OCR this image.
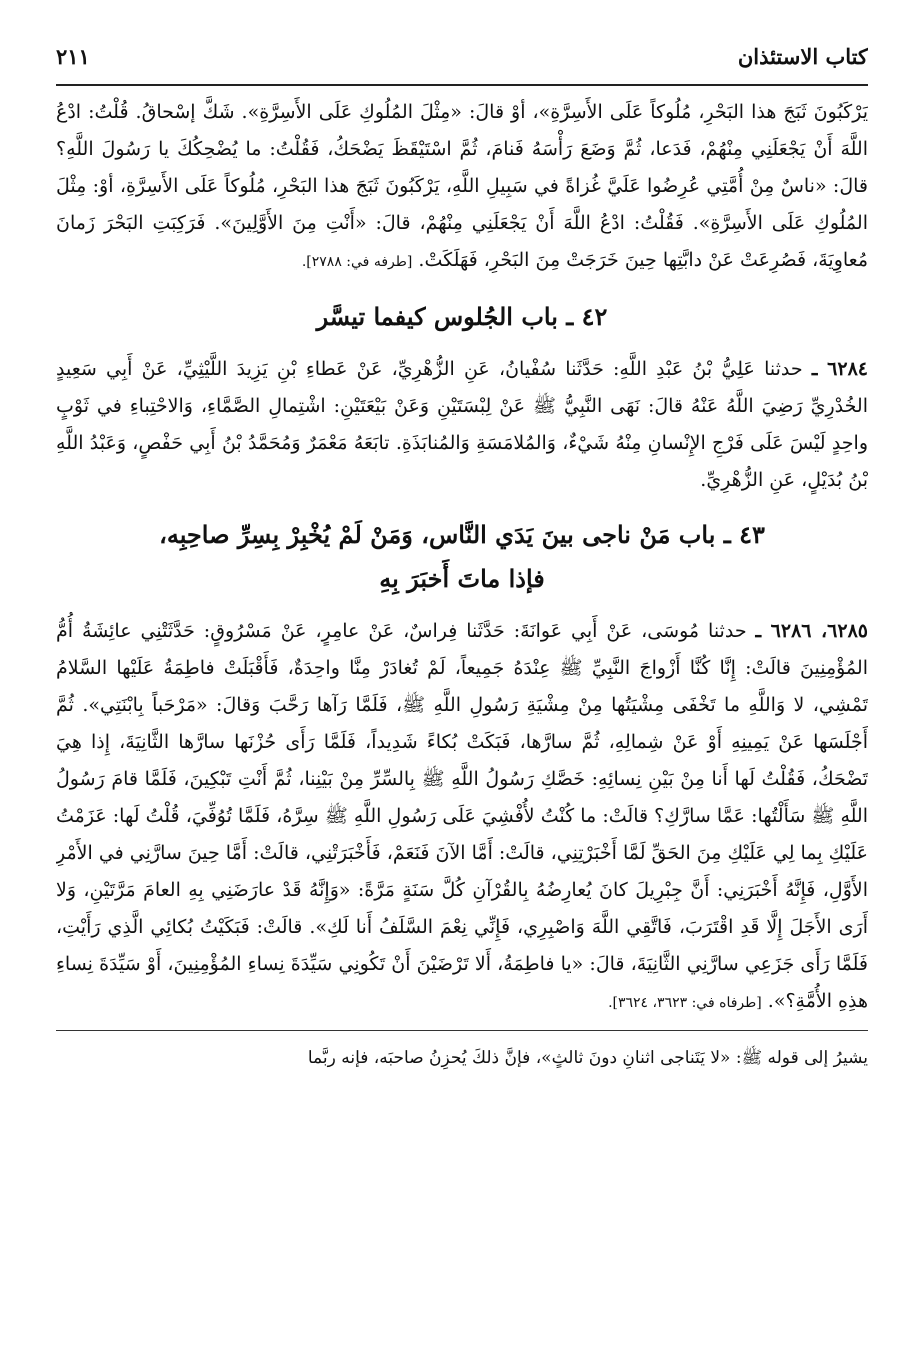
كتاب الاستئذان
٢١١

يَرْكَبُونَ ثَبَجَ هذا البَحْرِ، مُلُوكاً عَلَى الأَسِرَّةِ»، أوْ قالَ: «مِثْلَ المُلُوكِ عَلَى الأَسِرَّةِ». شَكَّ إسْحاقُ. قُلْتُ: ادْعُ اللَّهَ أَنْ يَجْعَلَنِي مِنْهُمْ، فَدَعا، ثُمَّ وَضَعَ رَأْسَهُ فَنامَ، ثُمَّ اسْتَيْقَظَ يَضْحَكُ، فَقُلْتُ: ما يُضْحِكُكَ يا رَسُولَ اللَّهِ؟ قالَ: «ناسٌ مِنْ أُمَّتِي عُرِضُوا عَلَيَّ غُزاةً في سَبِيلِ اللَّهِ، يَرْكَبُونَ ثَبَجَ هذا البَحْرِ، مُلُوكاً عَلَى الأَسِرَّةِ، أوْ: مِثْلَ المُلُوكِ عَلَى الأَسِرَّةِ». فَقُلْتُ: ادْعُ اللَّهَ أَنْ يَجْعَلَنِي مِنْهُمْ، قالَ: «أَنْتِ مِنَ الأَوَّلِينَ». فَرَكِبَتِ البَحْرَ زَمانَ مُعاوِيَةَ، فَصُرِعَتْ عَنْ دابَّتِها حِينَ خَرَجَتْ مِنَ البَحْرِ، فَهَلَكَتْ. [طرفه في: ٢٧٨٨].

٤٢ ـ باب الجُلوس كيفما تيسَّر

٦٢٨٤ ـ حدثنا عَلِيُّ بْنُ عَبْدِ اللَّهِ: حَدَّثَنا سُفْيانُ، عَنِ الزُّهْرِيِّ، عَنْ عَطاءِ بْنِ يَزِيدَ اللَّيْثِيِّ، عَنْ أَبِي سَعِيدٍ الخُدْرِيِّ رَضِيَ اللَّهُ عَنْهُ قالَ: نَهَى النَّبِيُّ ﷺ عَنْ لِبْسَتَيْنِ وَعَنْ بَيْعَتَيْنِ: اشْتِمالِ الصَّمَّاءِ، وَالاحْتِباءِ في ثَوْبٍ واحِدٍ لَيْسَ عَلَى فَرْجِ الإِنْسانِ مِنْهُ شَيْءٌ، وَالمُلامَسَةِ وَالمُنابَذَةِ. تابَعَهُ مَعْمَرٌ وَمُحَمَّدُ بْنُ أَبِي حَفْصٍ، وَعَبْدُ اللَّهِ بْنُ بُدَيْلٍ، عَنِ الزُّهْرِيِّ.

٤٣ ـ باب مَنْ ناجى بينَ يَدَي النَّاس، وَمَنْ لَمْ يُخْبِرْ بِسِرِّ صاحِبِه،
فإذا ماتَ أَخبَرَ بِهِ

٦٢٨٥، ٦٢٨٦ ـ حدثنا مُوسَى، عَنْ أَبِي عَوانَةَ: حَدَّثَنا فِراسٌ، عَنْ عامِرٍ، عَنْ مَسْرُوقٍ: حَدَّثَتْنِي عائِشَةُ أُمُّ المُؤْمِنِينَ قالَتْ: إِنَّا كُنَّا أَزْواجَ النَّبِيِّ ﷺ عِنْدَهُ جَمِيعاً، لَمْ تُغادَرْ مِنَّا واحِدَةٌ، فَأَقْبَلَتْ فاطِمَةُ عَلَيْها السَّلامُ تَمْشِي، لا وَاللَّهِ ما تَخْفَى مِشْيَتُها مِنْ مِشْيَةِ رَسُولِ اللَّهِ ﷺ، فَلَمَّا رَآها رَحَّبَ وَقالَ: «مَرْحَباً بِابْنَتِي». ثُمَّ أَجْلَسَها عَنْ يَمِينِهِ أَوْ عَنْ شِمالِهِ، ثُمَّ سارَّها، فَبَكَتْ بُكاءً شَدِيداً، فَلَمَّا رَأَى حُزْنَها سارَّها الثَّانِيَةَ، إِذا هِيَ تَضْحَكُ، فَقُلْتُ لَها أَنا مِنْ بَيْنِ نِسائِهِ: خَصَّكِ رَسُولُ اللَّهِ ﷺ بِالسِّرِّ مِنْ بَيْنِنا، ثُمَّ أَنْتِ تَبْكِينَ، فَلَمَّا قامَ رَسُولُ اللَّهِ ﷺ سَأَلْتُها: عَمَّا سارَّكِ؟ قالَتْ: ما كُنْتُ لأُفْشِيَ عَلَى رَسُولِ اللَّهِ ﷺ سِرَّهُ، فَلَمَّا تُوُفِّيَ، قُلْتُ لَها: عَزَمْتُ عَلَيْكِ بِما لِي عَلَيْكِ مِنَ الحَقِّ لَمَّا أَخْبَرْتِنِي، قالَتْ: أَمَّا الآنَ فَنَعَمْ، فَأَخْبَرَتْنِي، قالَتْ: أَمَّا حِينَ سارَّنِي في الأَمْرِ الأَوَّلِ، فَإِنَّهُ أَخْبَرَنِي: أَنَّ جِبْرِيلَ كانَ يُعارِضُهُ بِالقُرْآنِ كُلَّ سَنَةٍ مَرَّةً: «وَإِنَّهُ قَدْ عارَضَنِي بِهِ العامَ مَرَّتَيْنِ، وَلا أَرَى الأَجَلَ إِلَّا قَدِ اقْتَرَبَ، فَاتَّقِي اللَّهَ وَاصْبِرِي، فَإِنِّي نِعْمَ السَّلَفُ أَنا لَكِ». قالَتْ: فَبَكَيْتُ بُكائِي الَّذِي رَأَيْتِ، فَلَمَّا رَأَى جَزَعِي سارَّنِي الثَّانِيَةَ، قالَ: «يا فاطِمَةُ، أَلا تَرْضَيْنَ أَنْ تَكُونِي سَيِّدَةَ نِساءِ المُؤْمِنِينَ، أَوْ سَيِّدَةَ نِساءِ هذِهِ الأُمَّةِ؟». [طرفاه في: ٣٦٢٣، ٣٦٢٤].

يشيرُ إلى قوله ﷺ: «لا يَتَناجى اثنانِ دونَ ثالثٍ»، فإنَّ ذلكَ يُحزِنُ صاحبَه، فإنه ربَّما
